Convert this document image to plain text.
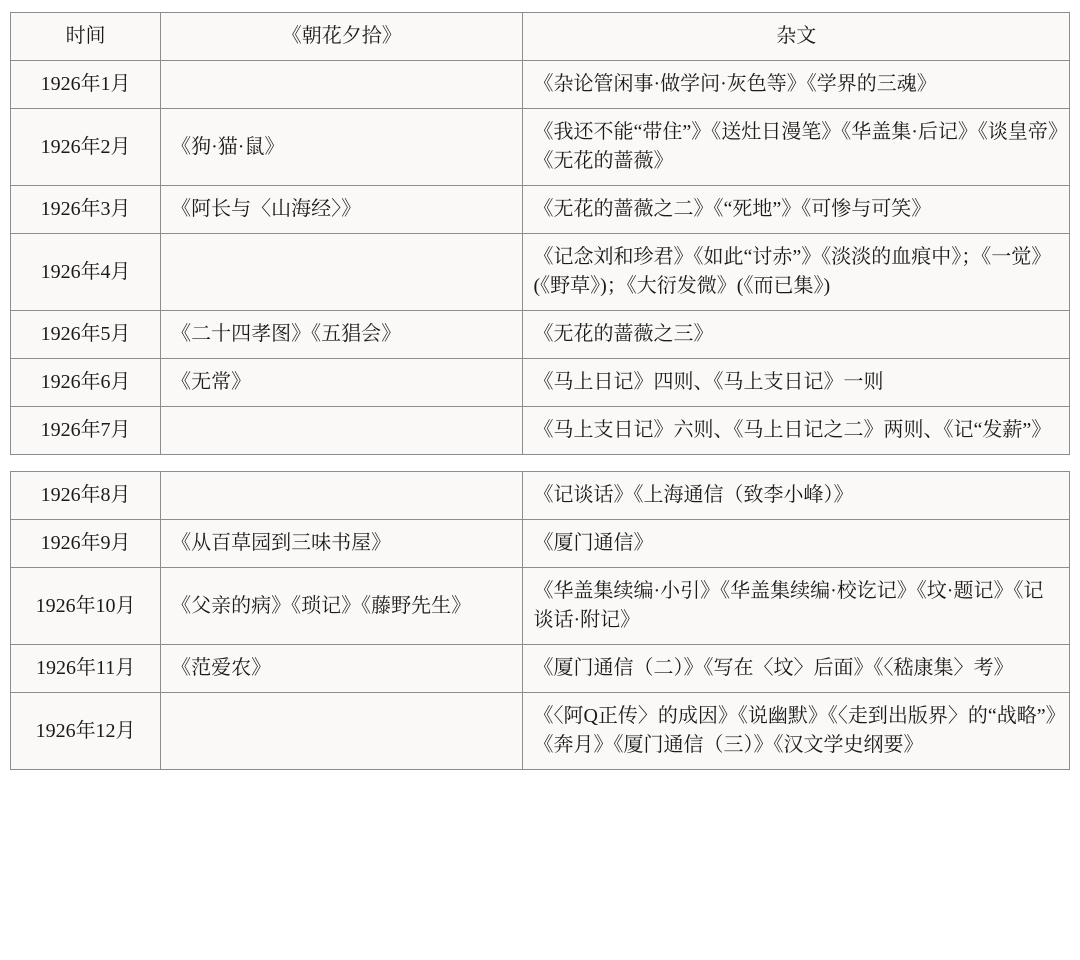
时间	《朝花夕拾》	杂文
1926年1月		《杂论管闲事·做学问·灰色等》《学界的三魂》
1926年2月	《狗·猫·鼠》	《我还不能“带住”》《送灶日漫笔》《华盖集·后记》《谈皇帝》《无花的蔷薇》
1926年3月	《阿长与〈山海经〉》	《无花的蔷薇之二》《“死地”》《可惨与可笑》
1926年4月		《记念刘和珍君》《如此“讨赤”》《淡淡的血痕中》；《一觉》(《野草》)；《大衍发微》(《而已集》)
1926年5月	《二十四孝图》《五猖会》	《无花的蔷薇之三》
1926年6月	《无常》	《马上日记》四则、《马上支日记》一则
1926年7月		《马上支日记》六则、《马上日记之二》两则、《记“发薪”》
1926年8月		《记谈话》《上海通信（致李小峰）》
1926年9月	《从百草园到三味书屋》	《厦门通信》
1926年10月	《父亲的病》《琐记》《藤野先生》	《华盖集续编·小引》《华盖集续编·校讫记》《坟·题记》《记谈话·附记》
1926年11月	《范爱农》	《厦门通信（二）》《写在〈坟〉后面》《〈嵇康集〉考》
1926年12月		《〈阿Q正传〉的成因》《说幽默》《〈走到出版界〉的“战略”》《奔月》《厦门通信（三）》《汉文学史纲要》
